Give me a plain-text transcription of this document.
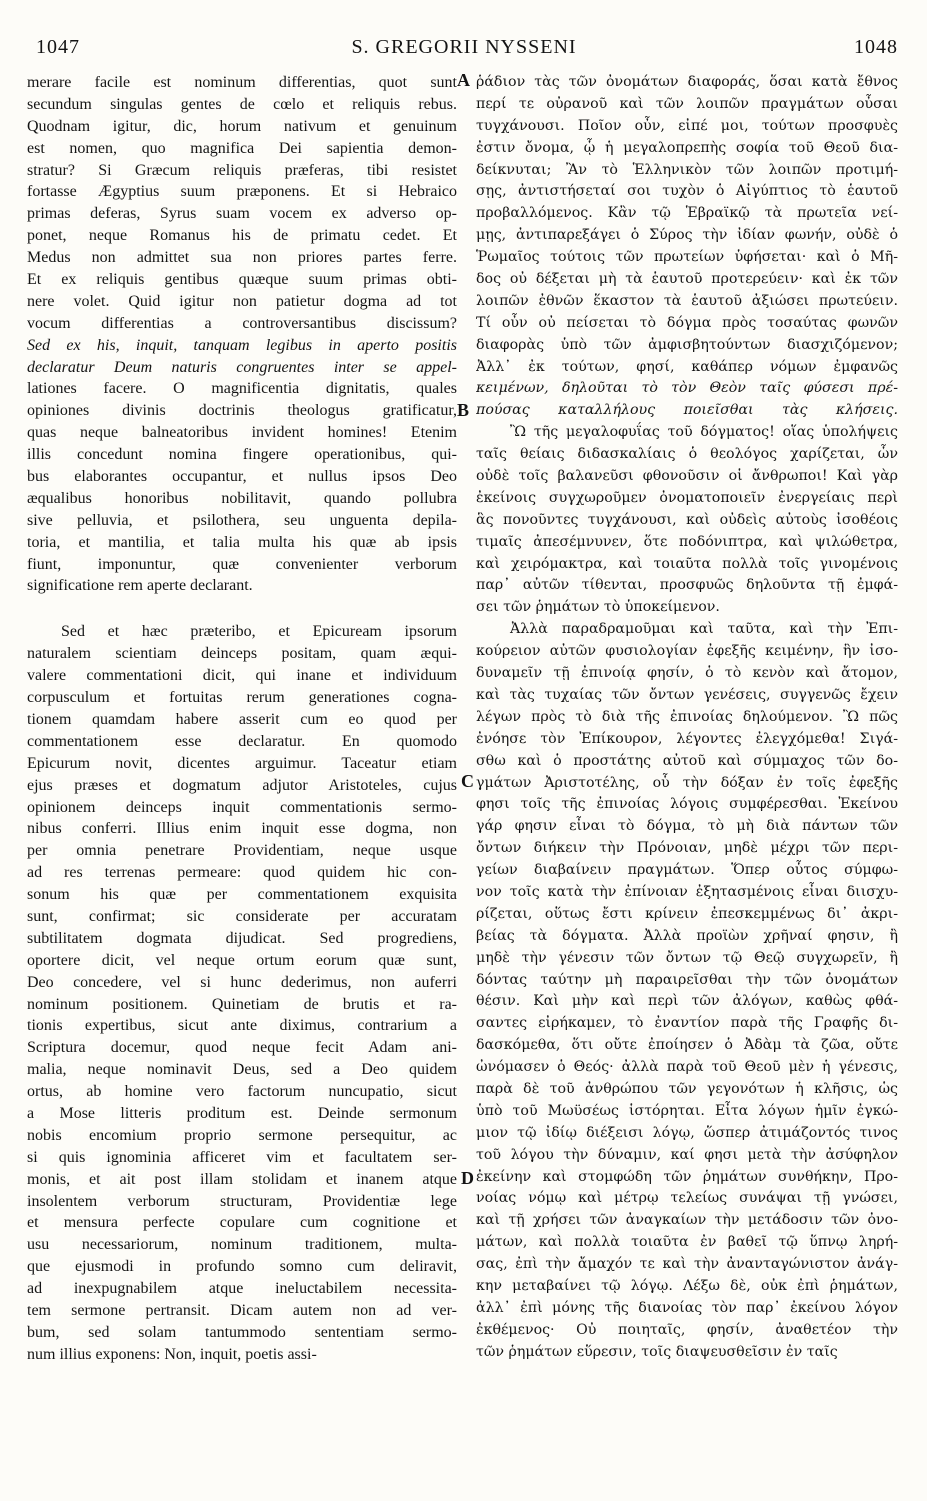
1047	S. GREGORII NYSSENI	1048
merare facile est nominum differentias, quot sunt
secundum singulas gentes de cœlo et reliquis rebus.
Quodnam igitur, dic, horum nativum et genuinum
est nomen, quo magnifica Dei sapientia demon-
stratur? Si Græcum reliquis præferas, tibi resistet
fortasse Ægyptius suum præponens. Et si Hebraico
primas deferas, Syrus suam vocem ex adverso op-
ponet, neque Romanus his de primatu cedet. Et
Medus non admittet sua non priores partes ferre.
Et ex reliquis gentibus quæque suum primas obti-
nere volet. Quid igitur non patietur dogma ad tot
vocum differentias a controversantibus discissum?
Sed ex his, inquit, tanquam legibus in aperto positis
declaratur Deum naturis congruentes inter se appel-
lationes facere. O magnificentia dignitatis, quales
opiniones divinis doctrinis theologus gratificatur,
quas neque balneatoribus invident homines! Etenim
illis concedunt nomina fingere operationibus, qui-
bus elaborantes occupantur, et nullus ipsos Deo
æqualibus honoribus nobilitavit, quando pollubra
sive pelluvia, et psilothera, seu unguenta depila-
toria, et mantilia, et talia multa his quæ ab ipsis
fiunt, imponuntur, quæ convenienter verborum
significatione rem aperte declarant.
Sed et hæc præteribo, et Epicuream ipsorum
naturalem scientiam deinceps positam, quam æqui-
valere commentationi dicit, qui inane et individuum
corpusculum et fortuitas rerum generationes cogna-
tionem quamdam habere asserit cum eo quod per
commentationem esse declaratur. En quomodo
Epicurum novit, dicentes arguimur. Taceatur etiam
ejus præses et dogmatum adjutor Aristoteles, cujus
opinionem deinceps inquit commentationis sermo-
nibus conferri. Illius enim inquit esse dogma, non
per omnia penetrare Providentiam, neque usque
ad res terrenas permeare: quod quidem hic con-
sonum his quæ per commentationem exquisita
sunt, confirmat; sic considerate per accuratam
subtilitatem dogmata dijudicat. Sed progrediens,
oportere dicit, vel neque ortum eorum quæ sunt,
Deo concedere, vel si hunc dederimus, non auferri
nominum positionem. Quinetiam de brutis et ra-
tionis expertibus, sicut ante diximus, contrarium a
Scriptura docemur, quod neque fecit Adam ani-
malia, neque nominavit Deus, sed a Deo quidem
ortus, ab homine vero factorum nuncupatio, sicut
a Mose litteris proditum est. Deinde sermonum
nobis encomium proprio sermone persequitur, ac
si quis ignominia afficeret vim et facultatem ser-
monis, et ait post illam stolidam et inanem atque
insolentem verborum structuram, Providentiæ lege
et mensura perfecte copulare cum cognitione et
usu necessariorum, nominum traditionem, multa-
que ejusmodi in profundo somno cum deliravit,
ad inexpugnabilem atque ineluctabilem necessita-
tem sermone pertransit. Dicam autem non ad ver-
bum, sed solam tantummodo sententiam sermo-
num illius exponens: Non, inquit, poetis assi-
ῥάδιον τὰς τῶν ὀνομάτων διαφοράς, ὅσαι κατὰ ἔθνος
περί τε οὐρανοῦ καὶ τῶν λοιπῶν πραγμάτων οὖσαι
τυγχάνουσι. Ποῖον οὖν, εἰπέ μοι, τούτων προσφυὲς
ἐστιν ὄνομα, ᾧ ἡ μεγαλοπρεπὴς σοφία τοῦ Θεοῦ δια-
δείκνυται; Ἂν τὸ Ἑλληνικὸν τῶν λοιπῶν προτιμή-
σῃς, ἀντιστήσεταί σοι τυχὸν ὁ Αἰγύπτιος τὸ ἑαυτοῦ
προβαλλόμενος. Κἂν τῷ Ἑβραϊκῷ τὰ πρωτεῖα νεί-
μῃς, ἀντιπαρεξάγει ὁ Σύρος τὴν ἰδίαν φωνήν, οὐδὲ ὁ
Ῥωμαῖος τούτοις τῶν πρωτείων ὑφήσεται· καὶ ὁ Μῆ-
δος οὐ δέξεται μὴ τὰ ἑαυτοῦ προτερεύειν· καὶ ἐκ τῶν
λοιπῶν ἐθνῶν ἕκαστον τὰ ἑαυτοῦ ἀξιώσει πρωτεύειν.
Τί οὖν οὐ πείσεται τὸ δόγμα πρὸς τοσαύτας φωνῶν
διαφορὰς ὑπὸ τῶν ἀμφισβητούντων διασχιζόμενον;
Ἀλλ᾽ ἐκ τούτων, φησί, καθάπερ νόμων ἐμφανῶς
κειμένων, δηλοῦται τὸ τὸν Θεὸν ταῖς φύσεσι πρέ-
πούσας καταλλήλους ποιεῖσθαι τὰς κλήσεις.
Ὢ τῆς μεγαλοφυΐας τοῦ δόγματος! οἵας ὑπολήψεις
ταῖς θείαις διδασκαλίαις ὁ θεολόγος χαρίζεται, ὧν
οὐδὲ τοῖς βαλανεῦσι φθονοῦσιν οἱ ἄνθρωποι! Καὶ γὰρ
ἐκείνοις συγχωροῦμεν ὀνοματοποιεῖν ἐνεργείαις περὶ
ἃς πονοῦντες τυγχάνουσι, καὶ οὐδεὶς αὐτοὺς ἰσοθέοις
τιμαῖς ἀπεσέμνυνεν, ὅτε ποδόνιπτρα, καὶ ψιλώθετρα,
καὶ χειρόμακτρα, καὶ τοιαῦτα πολλὰ τοῖς γινομένοις
παρ᾽ αὐτῶν τίθενται, προσφυῶς δηλοῦντα τῇ ἐμφά-
σει τῶν ῥημάτων τὸ ὑποκείμενον.
Ἀλλὰ παραδραμοῦμαι καὶ ταῦτα, καὶ τὴν Ἐπι-
κούρειον αὐτῶν φυσιολογίαν ἐφεξῆς κειμένην, ἣν ἰσο-
δυναμεῖν τῇ ἐπινοίᾳ φησίν, ὁ τὸ κενὸν καὶ ἄτομον,
καὶ τὰς τυχαίας τῶν ὄντων γενέσεις, συγγενῶς ἔχειν
λέγων πρὸς τὸ διὰ τῆς ἐπινοίας δηλούμενον. Ὢ πῶς
ἐνόησε τὸν Ἐπίκουρον, λέγοντες ἐλεγχόμεθα! Σιγά-
σθω καὶ ὁ προστάτης αὐτοῦ καὶ σύμμαχος τῶν δο-
γμάτων Ἀριστοτέλης, οὗ τὴν δόξαν ἐν τοῖς ἐφεξῆς
φησι τοῖς τῆς ἐπινοίας λόγοις συμφέρεσθαι. Ἐκείνου
γάρ φησιν εἶναι τὸ δόγμα, τὸ μὴ διὰ πάντων τῶν
ὄντων διήκειν τὴν Πρόνοιαν, μηδὲ μέχρι τῶν περι-
γείων διαβαίνειν πραγμάτων. Ὅπερ οὗτος σύμφω-
νον τοῖς κατὰ τὴν ἐπίνοιαν ἐξητασμένοις εἶναι διισχυ-
ρίζεται, οὕτως ἔστι κρίνειν ἐπεσκεμμένως δι᾽ ἀκρι-
βείας τὰ δόγματα. Ἀλλὰ προϊὼν χρῆναί φησιν, ἢ
μηδὲ τὴν γένεσιν τῶν ὄντων τῷ Θεῷ συγχωρεῖν, ἢ
δόντας ταύτην μὴ παραιρεῖσθαι τὴν τῶν ὀνομάτων
θέσιν. Καὶ μὴν καὶ περὶ τῶν ἀλόγων, καθὼς φθά-
σαντες εἰρήκαμεν, τὸ ἐναντίον παρὰ τῆς Γραφῆς δι-
δασκόμεθα, ὅτι οὔτε ἐποίησεν ὁ Ἀδὰμ τὰ ζῶα, οὔτε
ὠνόμασεν ὁ Θεός· ἀλλὰ παρὰ τοῦ Θεοῦ μὲν ἡ γένεσις,
παρὰ δὲ τοῦ ἀνθρώπου τῶν γεγονότων ἡ κλῆσις, ὡς
ὑπὸ τοῦ Μωϋσέως ἱστόρηται. Εἶτα λόγων ἡμῖν ἐγκώ-
μιον τῷ ἰδίῳ διέξεισι λόγῳ, ὥσπερ ἀτιμάζοντός τινος
τοῦ λόγου τὴν δύναμιν, καί φησι μετὰ τὴν ἀσύφηλον
ἐκείνην καὶ στομφώδη τῶν ῥημάτων συνθήκην, Προ-
νοίας νόμῳ καὶ μέτρῳ τελείως συνάψαι τῇ γνώσει,
καὶ τῇ χρήσει τῶν ἀναγκαίων τὴν μετάδοσιν τῶν ὀνο-
μάτων, καὶ πολλὰ τοιαῦτα ἐν βαθεῖ τῷ ὕπνῳ ληρή-
σας, ἐπὶ τὴν ἄμαχόν τε καὶ τὴν ἀνανταγώνιστον ἀνάγ-
κην μεταβαίνει τῷ λόγῳ. Λέξω δὲ, οὐκ ἐπὶ ῥημάτων,
ἀλλ᾽ ἐπὶ μόνης τῆς διανοίας τὸν παρ᾽ ἐκείνου λόγον
ἐκθέμενος· Οὐ ποιηταῖς, φησίν, ἀναθετέον τὴν
τῶν ῥημάτων εὕρεσιν, τοῖς διαψευσθεῖσιν ἐν ταῖς
A
B
C
D
